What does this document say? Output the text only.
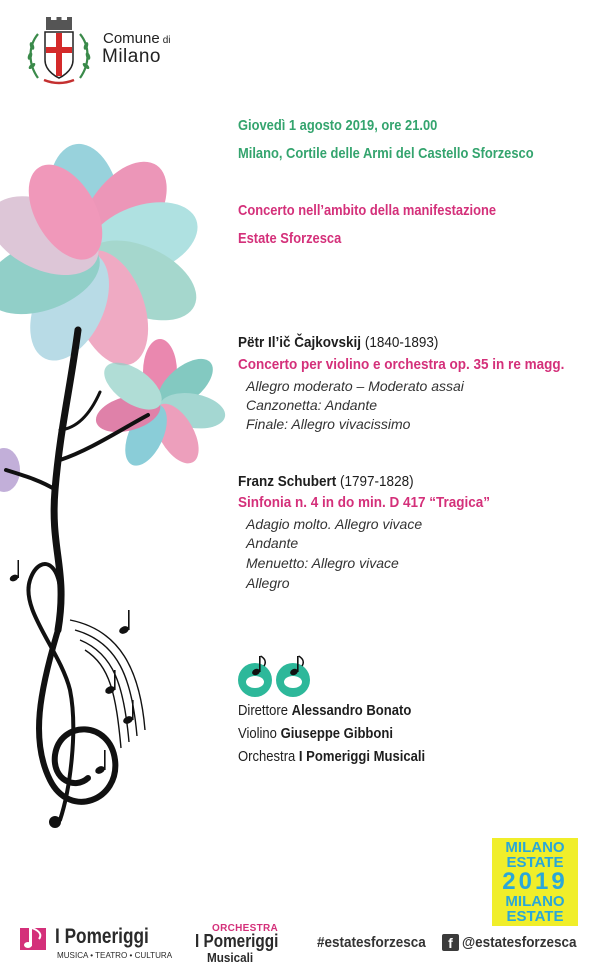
Comune di
Milano
Giovedì 1 agosto 2019, ore 21.00
Milano, Cortile delle Armi del Castello Sforzesco
Concerto nell’ambito della manifestazione
Estate Sforzesca
Pëtr Il’ič Čajkovskij (1840-1893)
Concerto per violino e orchestra op. 35 in re magg.
Allegro moderato – Moderato assai
Canzonetta: Andante
Finale: Allegro vivacissimo
Franz Schubert (1797-1828)
Sinfonia n. 4 in do min. D 417 “Tragica”
Adagio molto. Allegro vivace
Andante
Menuetto: Allegro vivace
Allegro
Direttore Alessandro Bonato
Violino Giuseppe Gibboni
Orchestra I Pomeriggi Musicali
MILANO
ESTATE
2019
MILANO
ESTATE
I Pomeriggi
MUSICA • TEATRO • CULTURA
ORCHESTRA
I Pomeriggi
Musicali
#estatesforzesca	f @estatesforzesca
